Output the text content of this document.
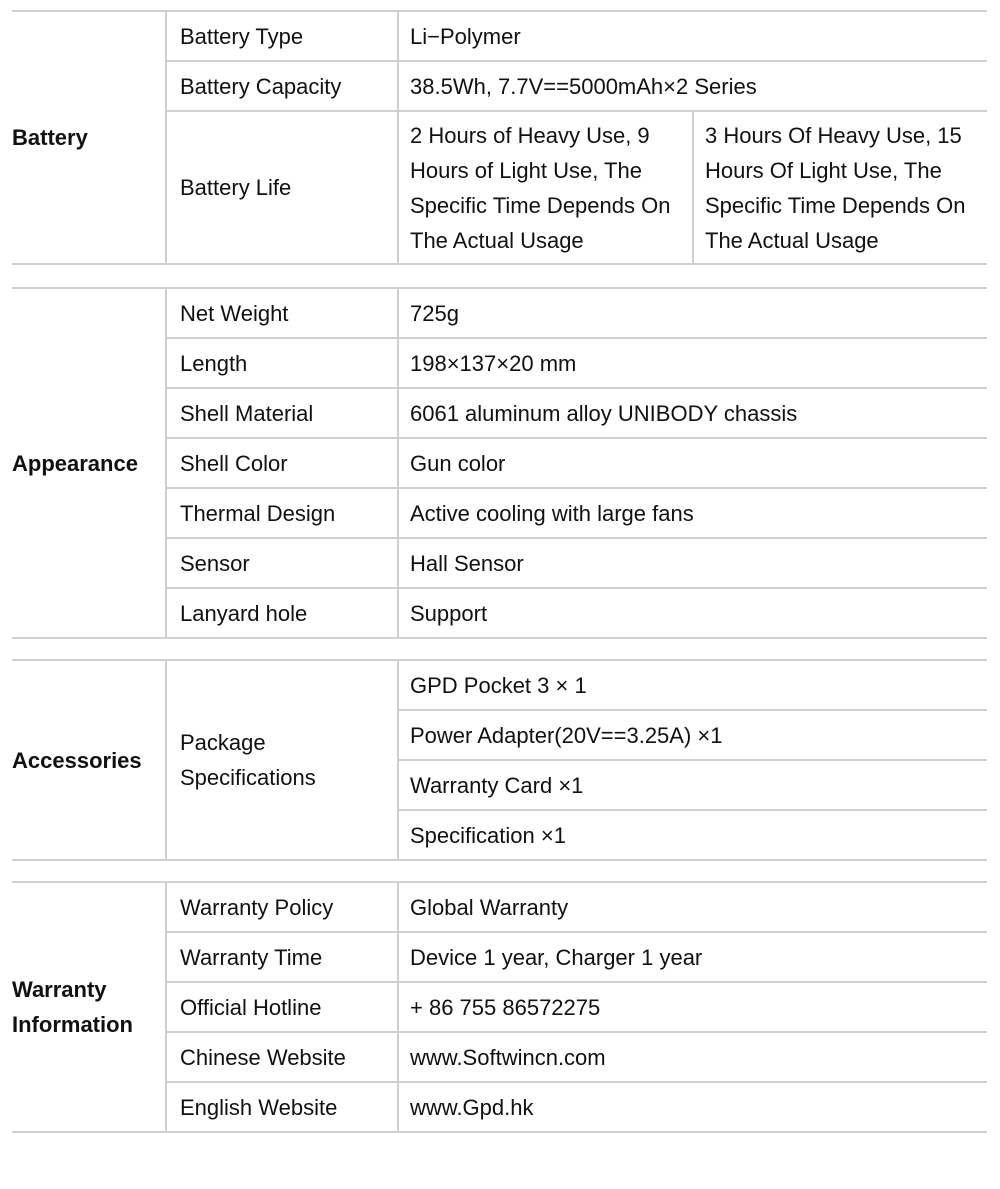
Battery	Battery Type	Li−Polymer	
	Battery Capacity	38.5Wh, 7.7V==5000mAh×2 Series	
	Battery Life	2 Hours of Heavy Use, 9 Hours of Light Use, The Specific Time Depends On The Actual Usage	3 Hours Of Heavy Use, 15 Hours Of Light Use, The Specific Time Depends On The Actual Usage
Appearance	Net Weight	725g
	Length	198×137×20 mm
	Shell Material	6061 aluminum alloy UNIBODY chassis
	Shell Color	Gun color
	Thermal Design	Active cooling with large fans
	Sensor	Hall Sensor
	Lanyard hole	Support
Accessories	Package Specifications	GPD Pocket 3 × 1
Power Adapter(20V==3.25A) ×1
Warranty Card ×1
Specification ×1
Warranty Information	Warranty Policy	Global Warranty
	Warranty Time	Device 1 year, Charger 1 year
	Official Hotline	+ 86 755 86572275
	Chinese Website	www.Softwincn.com
	English Website	www.Gpd.hk
